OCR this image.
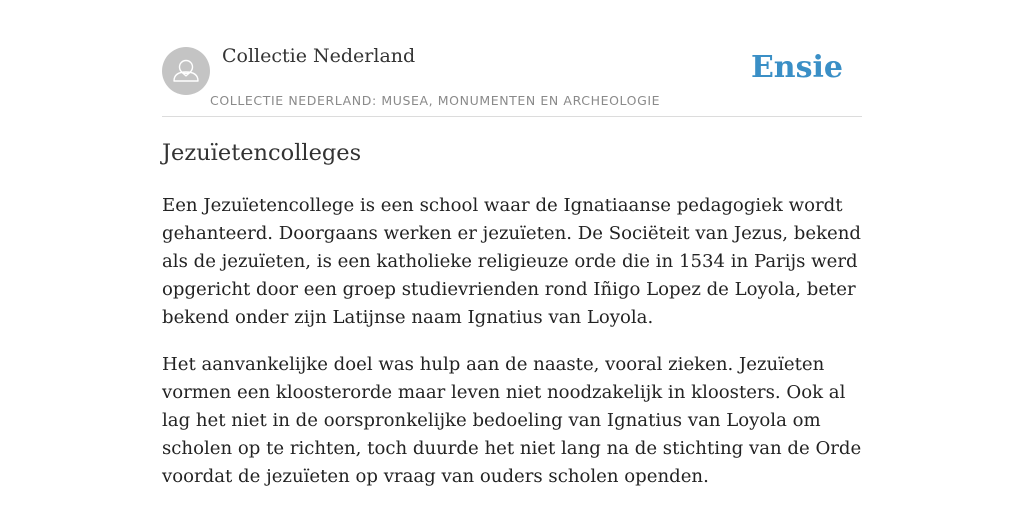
Collectie Nederland
COLLECTIE NEDERLAND: MUSEA, MONUMENTEN EN ARCHEOLOGIE
Ensie
Jezuïetencolleges

Een Jezuïetencollege is een school waar de Ignatiaanse pedagogiek wordt gehanteerd. Doorgaans werken er jezuïeten. De Sociëteit van Jezus, bekend als de jezuïeten, is een katholieke religieuze orde die in 1534 in Parijs werd opgericht door een groep studievrienden rond Iñigo Lopez de Loyola, beter bekend onder zijn Latijnse naam Ignatius van Loyola.

Het aanvankelijke doel was hulp aan de naaste, vooral zieken. Jezuïeten vormen een kloosterorde maar leven niet noodzakelijk in kloosters. Ook al lag het niet in de oorspronkelijke bedoeling van Ignatius van Loyola om scholen op te richten, toch duurde het niet lang na de stichting van de Orde voordat de jezuïeten op vraag van ouders scholen openden.
